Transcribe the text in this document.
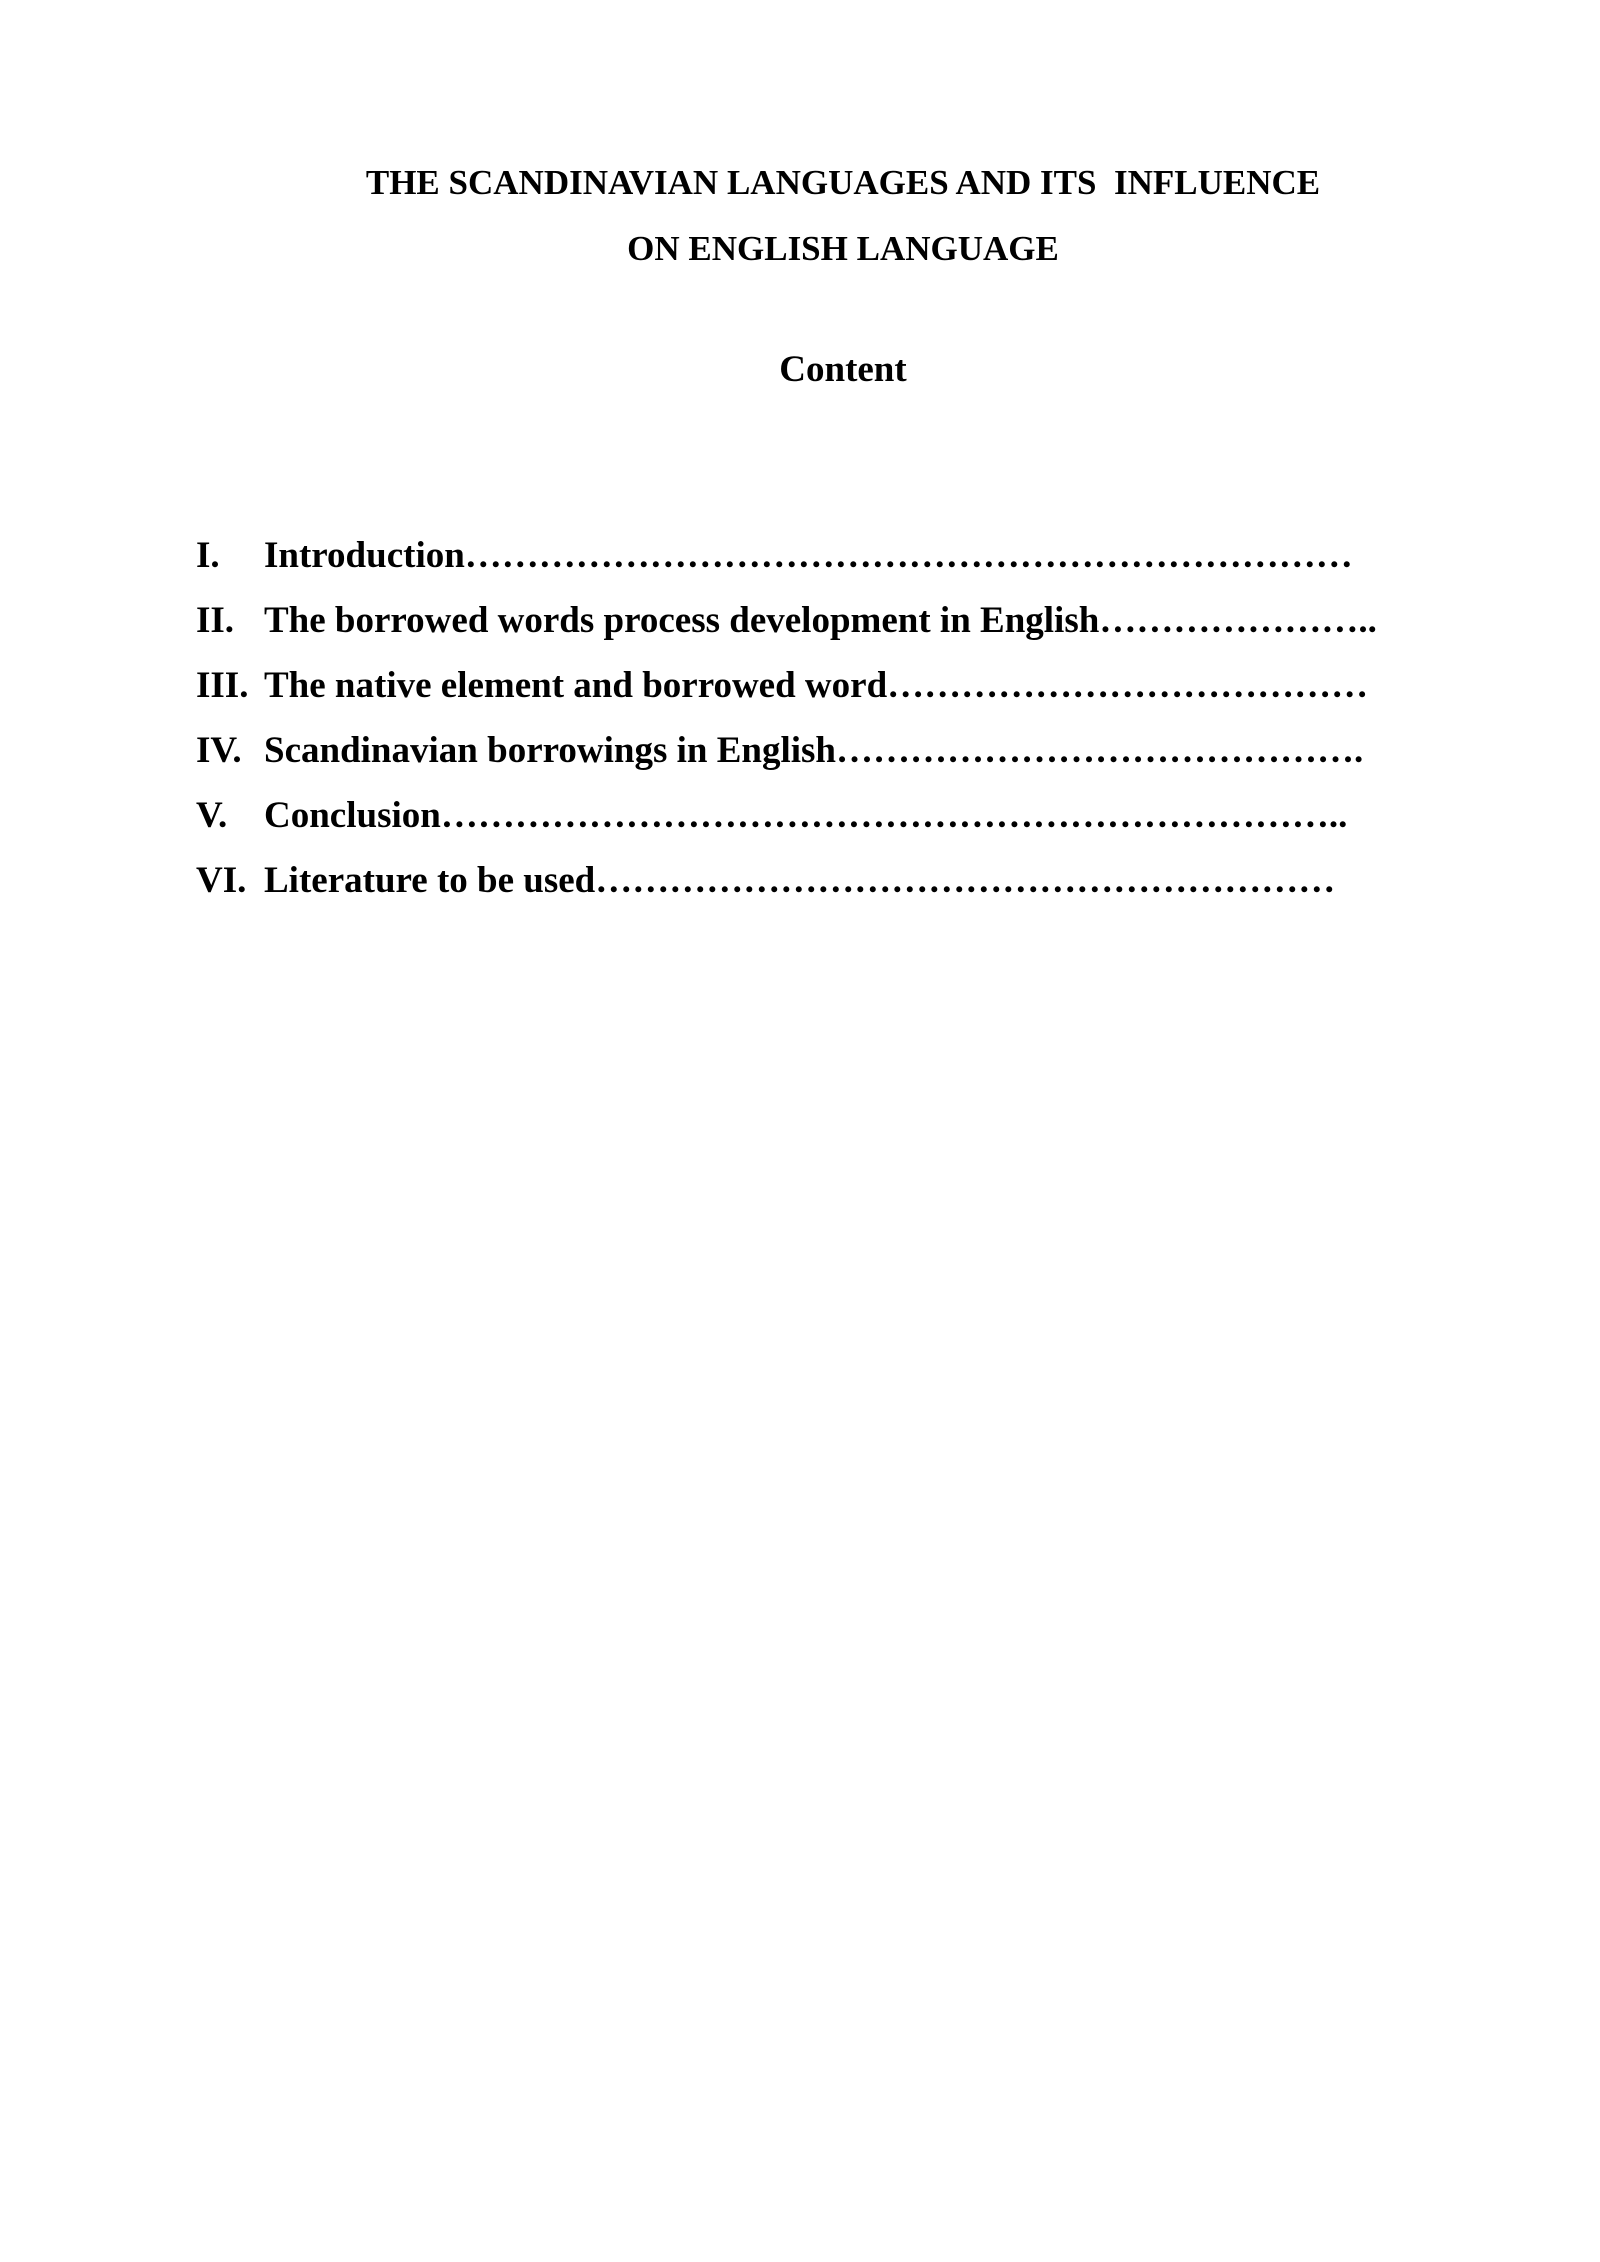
THE SCANDINAVIAN LANGUAGES AND ITS  INFLUENCE
ON ENGLISH LANGUAGE
Content
I.	Introduction………………………………………………………………
II. The borrowed words process development in English…………………..
III. The native element and borrowed word…………………………………
IV. Scandinavian borrowings in English…………………………………….
V. Conclusion………………………………………………………………..
VI. Literature to be used……………………………………………………
